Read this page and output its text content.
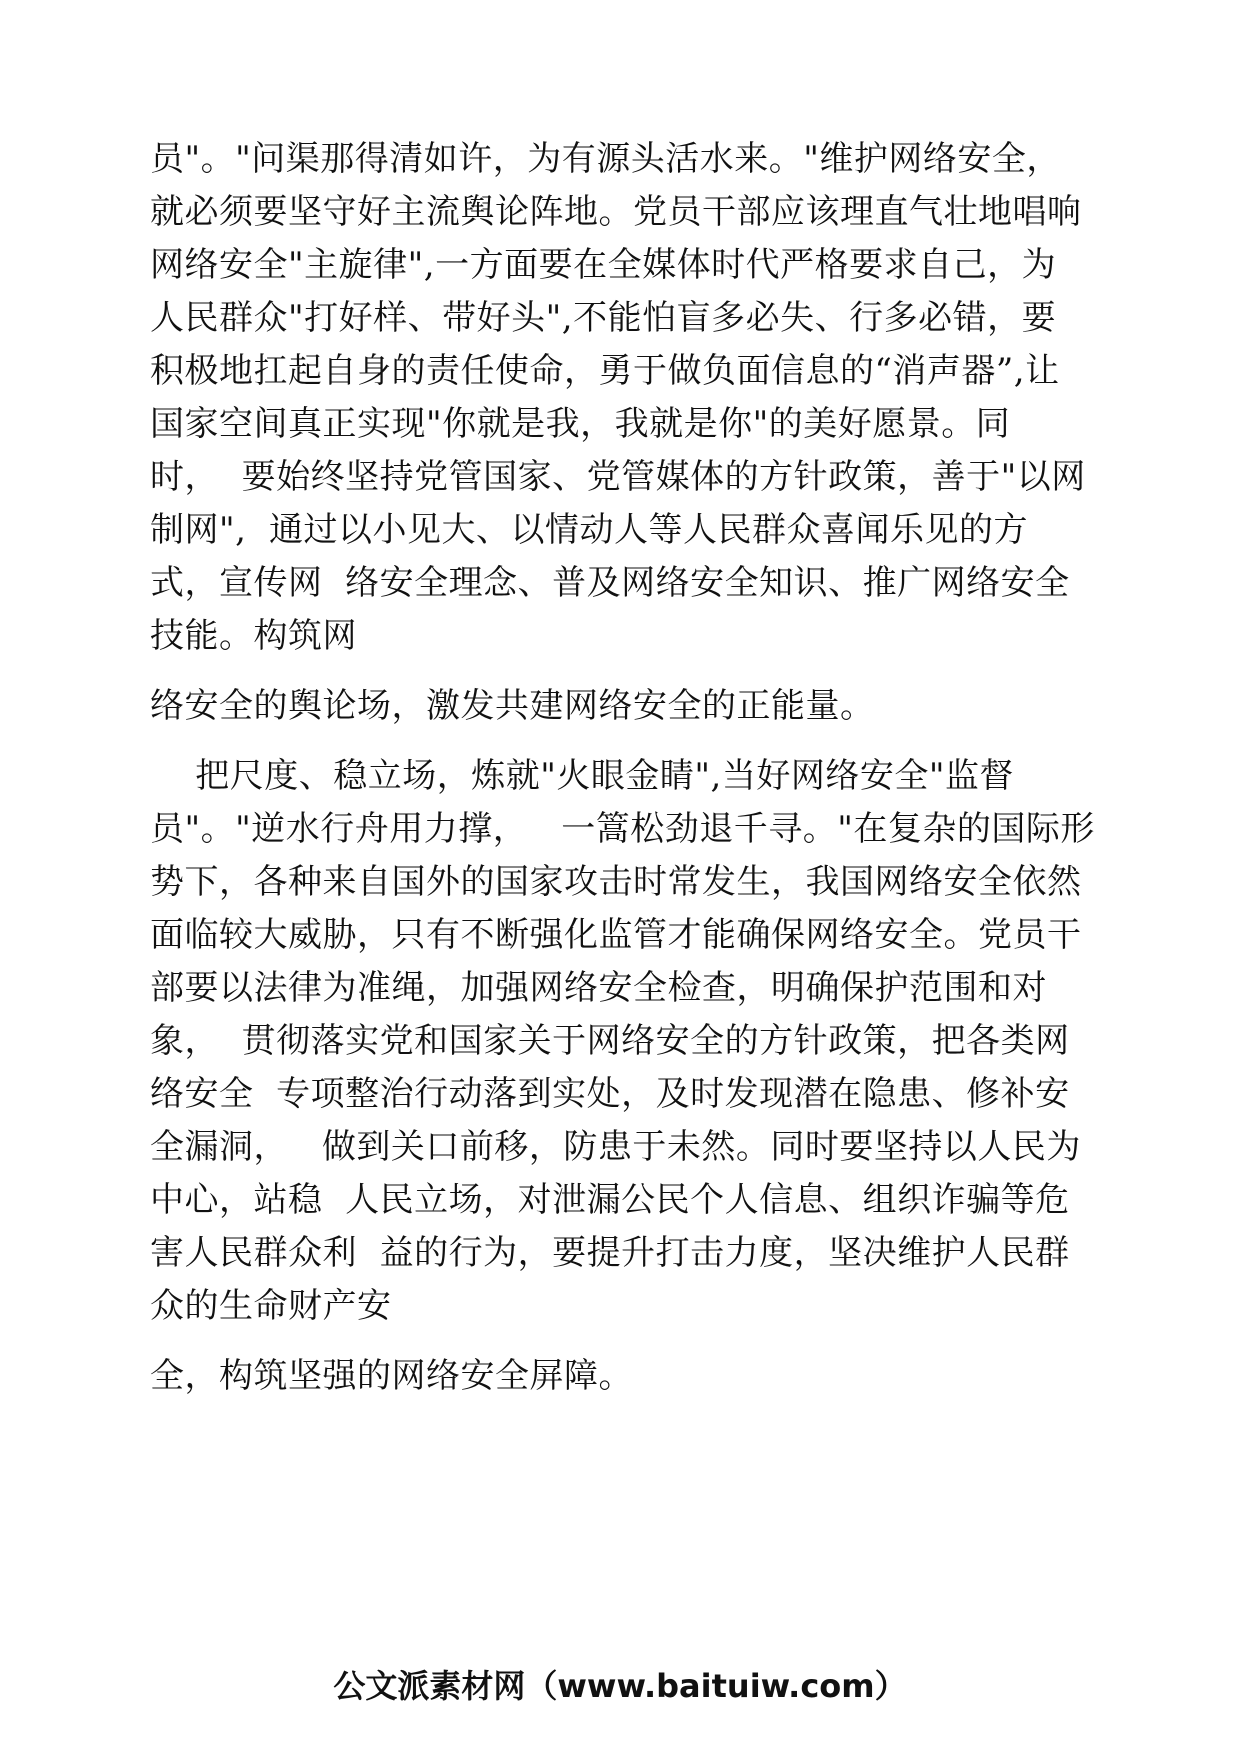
员"。"问渠那得清如许，为有源头活水来。"维护网络安全，
就必须要坚守好主流舆论阵地。党员干部应该理直气壮地唱响
网络安全"主旋律",一方面要在全媒体时代严格要求自己，为
人民群众"打好样、带好头",不能怕盲多必失、行多必错，要
积极地扛起自身的责任使命，勇于做负面信息的“消声器”,让
国家空间真正实现"你就是我，我就是你"的美好愿景。同
时，  要始终坚持党管国家、党管媒体的方针政策，善于"以网
制网",  通过以小见大、以情动人等人民群众喜闻乐见的方
式，宣传网  络安全理念、普及网络安全知识、推广网络安全
技能。构筑网
络安全的舆论场，激发共建网络安全的正能量。
把尺度、稳立场，炼就"火眼金睛",当好网络安全"监督
员"。"逆水行舟用力撑，   一篙松劲退千寻。"在复杂的国际形
势下，各种来自国外的国家攻击时常发生，我国网络安全依然
面临较大威胁，只有不断强化监管才能确保网络安全。党员干
部要以法律为准绳，加强网络安全检查，明确保护范围和对
象，  贯彻落实党和国家关于网络安全的方针政策，把各类网
络安全  专项整治行动落到实处，及时发现潜在隐患、修补安
全漏洞，   做到关口前移，防患于未然。同时要坚持以人民为
中心，站稳  人民立场，对泄漏公民个人信息、组织诈骗等危
害人民群众利  益的行为，要提升打击力度，坚决维护人民群
众的生命财产安
全，构筑坚强的网络安全屏障。
公文派素材网（www.baituiw.com）
